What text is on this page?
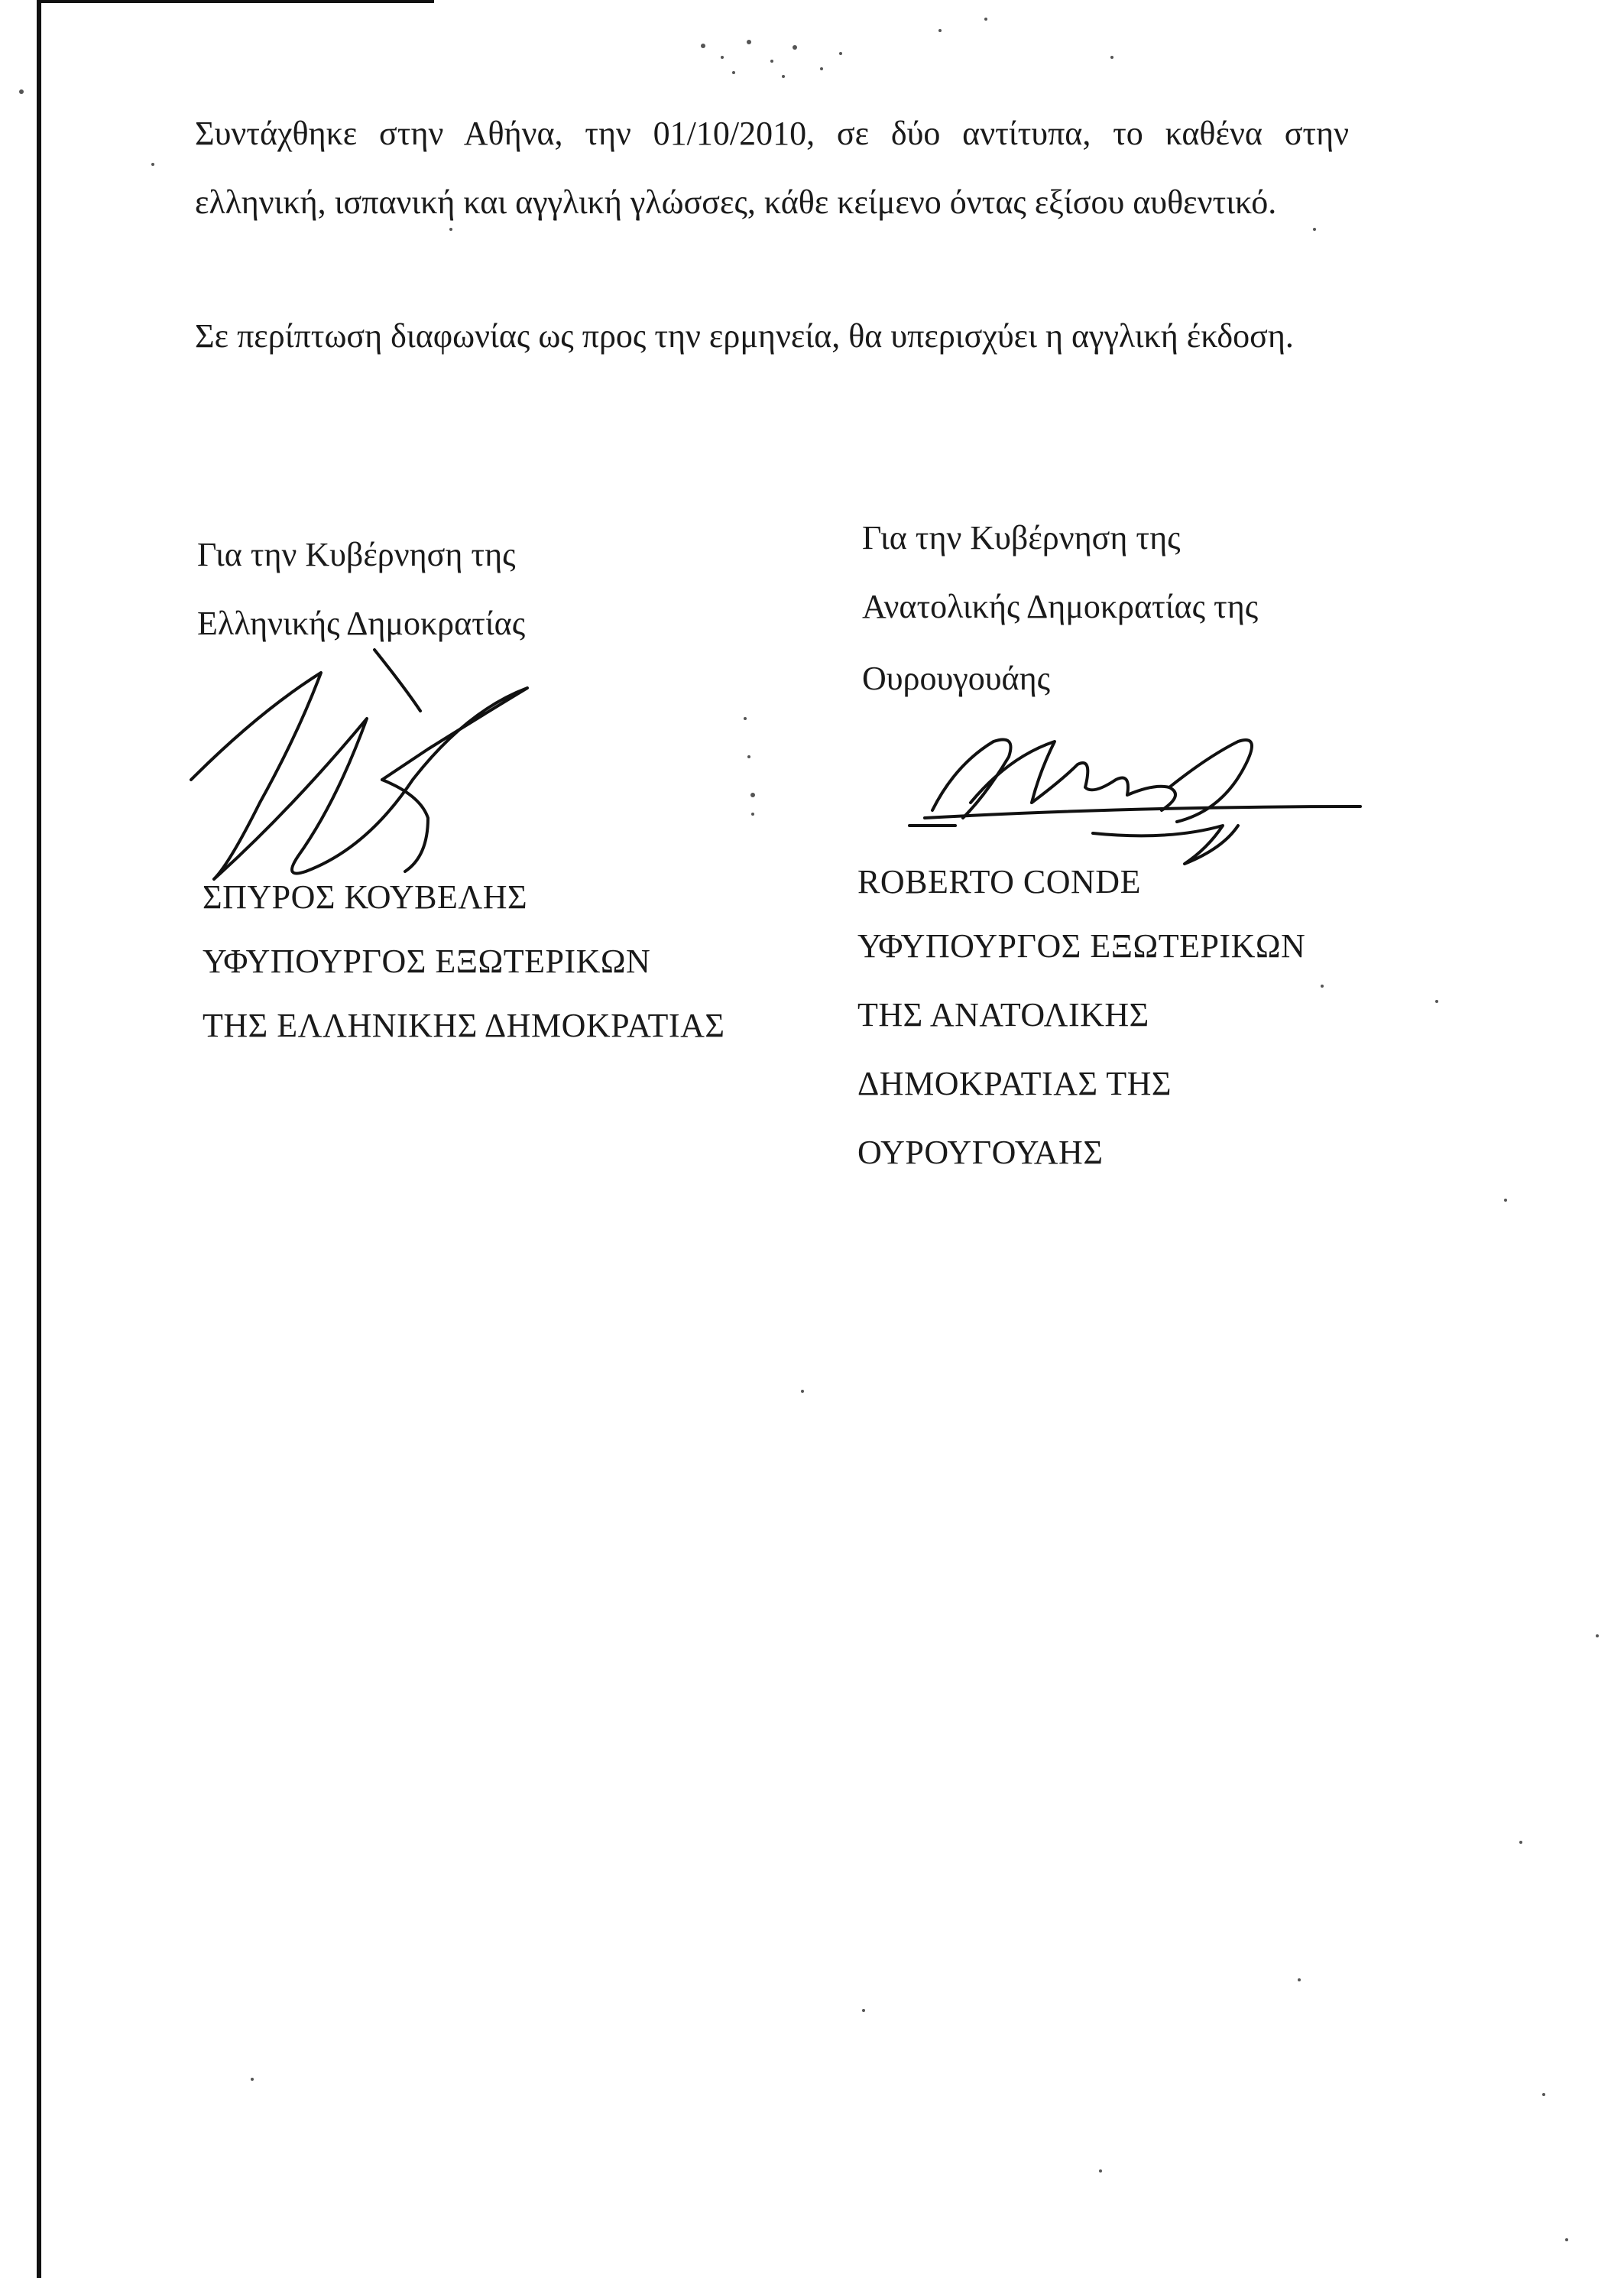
Συντάχθηκε στην Αθήνα, την 01/10/2010, σε δύο αντίτυπα, το καθένα στην ελληνική, ισπανική και αγγλική γλώσσες, κάθε κείμενο όντας εξίσου αυθεντικό.

Σε περίπτωση διαφωνίας ως προς την ερμηνεία, θα υπερισχύει η αγγλική έκδοση.

Για την Κυβέρνηση της
Ελληνικής Δημοκρατίας
ΣΠΥΡΟΣ ΚΟΥΒΕΛΗΣ
ΥΦΥΠΟΥΡΓΟΣ ΕΞΩΤΕΡΙΚΩΝ
ΤΗΣ ΕΛΛΗΝΙΚΗΣ ΔΗΜΟΚΡΑΤΙΑΣ
Για την Κυβέρνηση της
Ανατολικής Δημοκρατίας της
Ουρουγουάης
ROBERTO CONDE
ΥΦΥΠΟΥΡΓΟΣ ΕΞΩΤΕΡΙΚΩΝ
ΤΗΣ ΑΝΑΤΟΛΙΚΗΣ
ΔΗΜΟΚΡΑΤΙΑΣ ΤΗΣ
ΟΥΡΟΥΓΟΥΑΗΣ
